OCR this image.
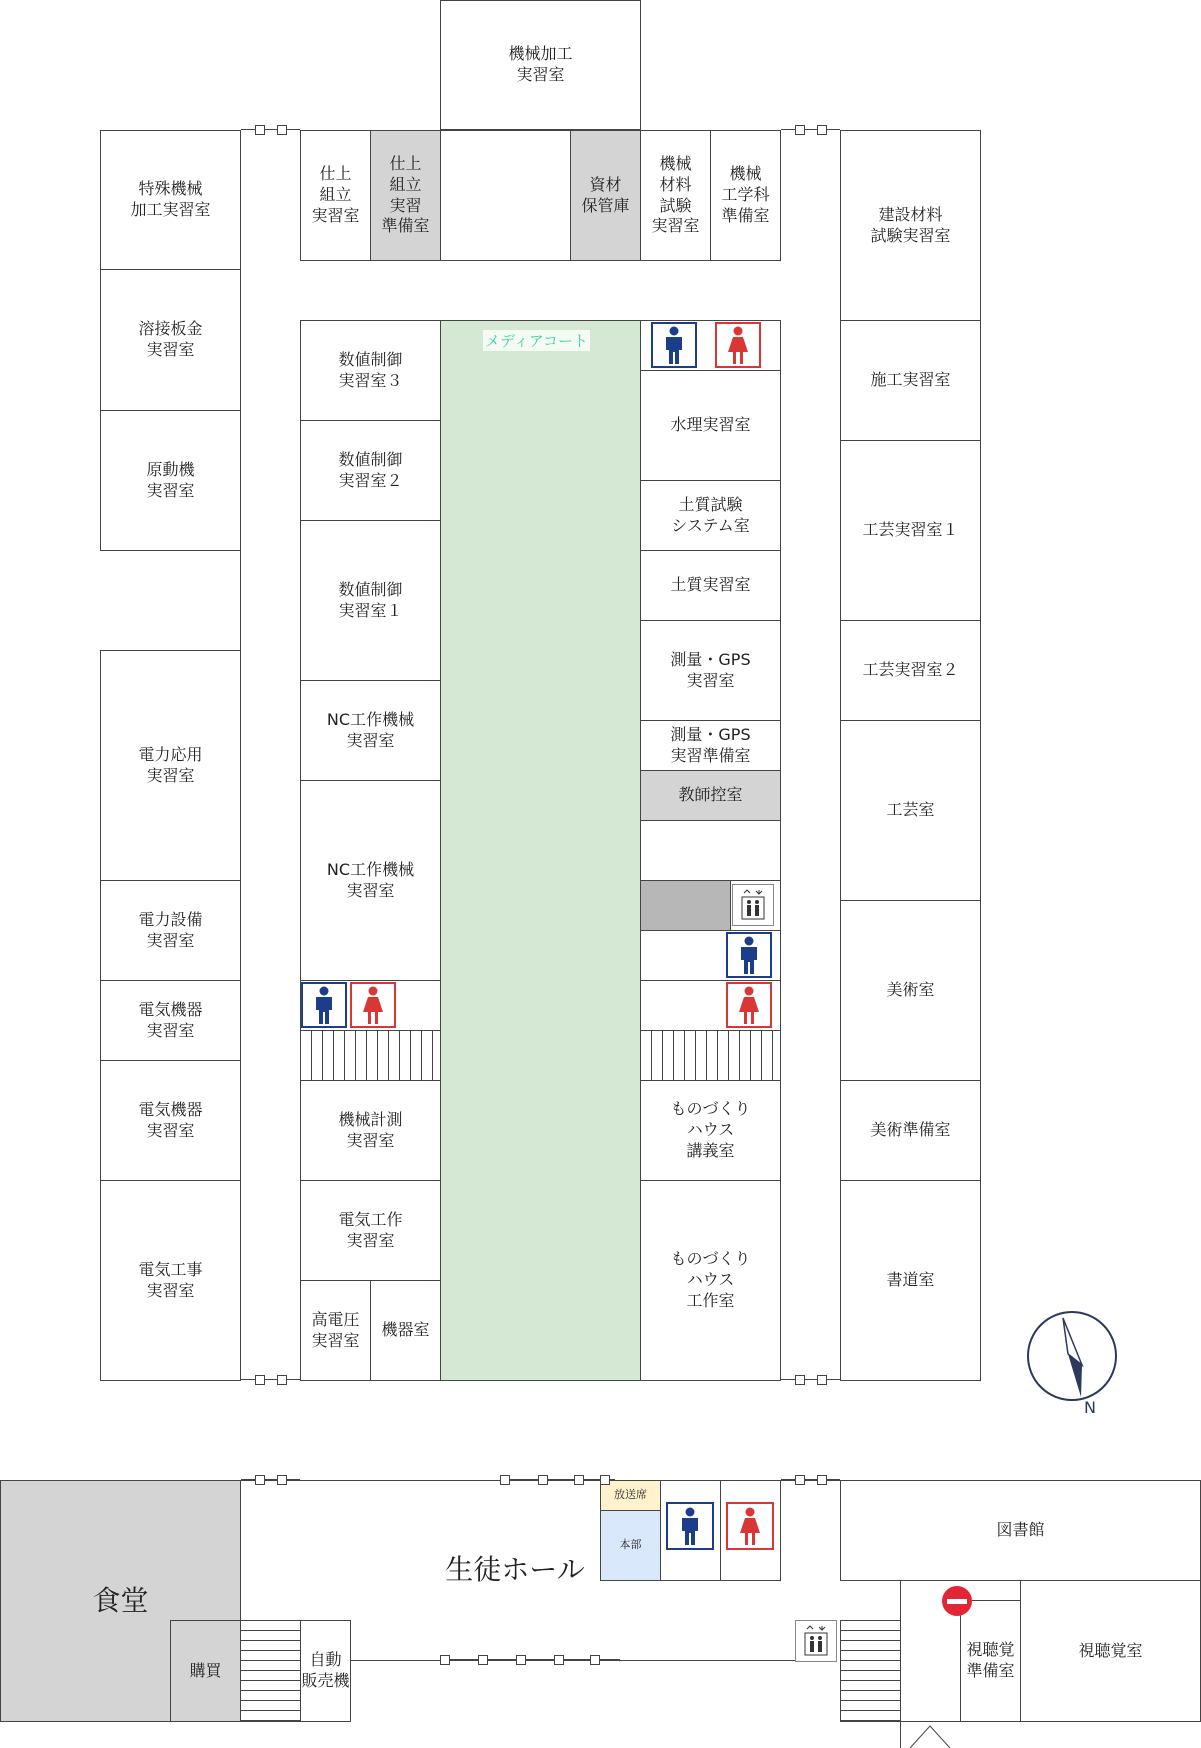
機械加工
実習室
特殊機械
加工実習室
溶接板金
実習室
原動機
実習室
電力応用
実習室
電力設備
実習室
電気機器
実習室
電気機器
実習室
電気工事
実習室
仕上
組立
実習室
仕上
組立
実習
準備室
資材
保管庫
機械
材料
試験
実習室
機械
工学科
準備室	建設材料
試験実習室
施工実習室
工芸実習室１
工芸実習室２
工芸室
美術室
美術準備室
書道室
数値制御
実習室３
数値制御
実習室２
数値制御
実習室１
NC工作機械
実習室
NC工作機械
実習室
機械計測
実習室
電気工作
実習室
高電圧
実習室
機器室
メディアコート
水理実習室
土質試験
システム室
土質実習室
測量・GPS
実習室
測量・GPS
実習準備室
教師控室
ものづくり
ハウス
講義室
ものづくり
ハウス
工作室
N
食堂
購買
自動
販売機
生徒ホール
放送席
本部
図書館
視聴覚
準備室
視聴覚室
